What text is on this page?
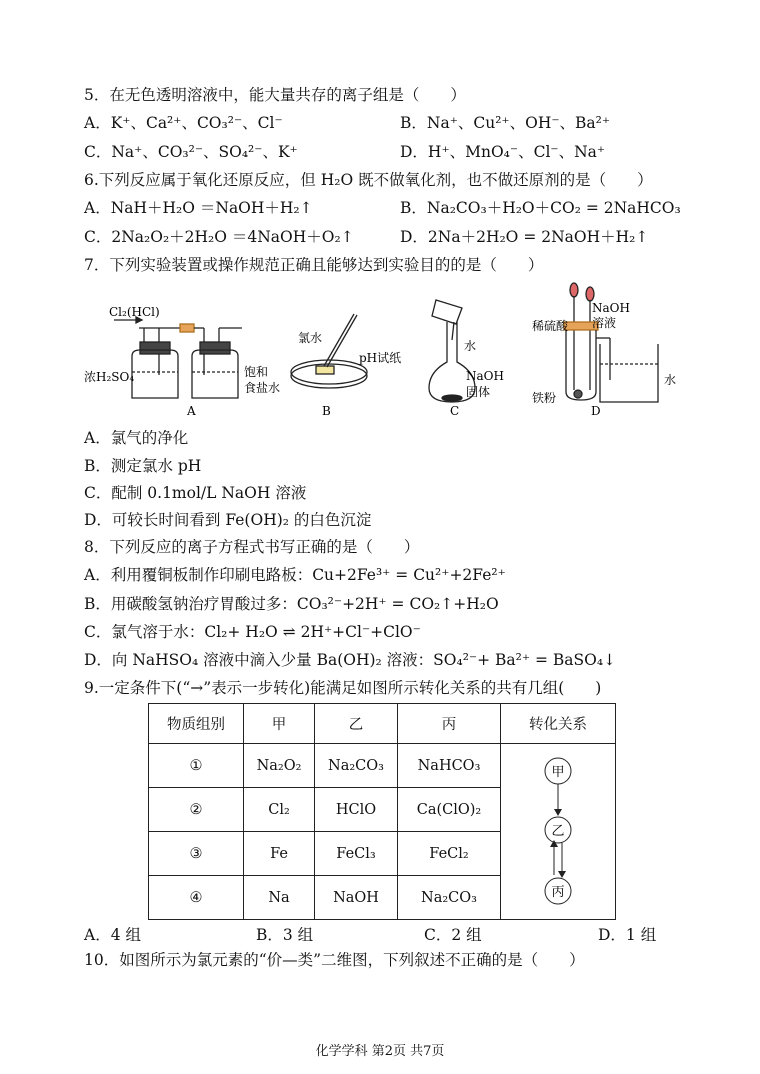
5．在无色透明溶液中，能大量共存的离子组是（　　）
A．K⁺、Ca²⁺、CO₃²⁻、Cl⁻	B．Na⁺、Cu²⁺、OH⁻、Ba²⁺
C．Na⁺、CO₃²⁻、SO₄²⁻、K⁺	D．H⁺、MnO₄⁻、Cl⁻、Na⁺
6.下列反应属于氧化还原反应，但 H₂O 既不做氧化剂，也不做还原剂的是（　　）
A．NaH＋H₂O ＝NaOH＋H₂↑	B．Na₂CO₃＋H₂O＋CO₂ = 2NaHCO₃
C．2Na₂O₂＋2H₂O ＝4NaOH＋O₂↑	D．2Na＋2H₂O = 2NaOH＋H₂↑
7．下列实验装置或操作规范正确且能够达到实验目的的是（　　）
Cl₂(HCl)
浓H₂SO₄	饱和
食盐水
A
氯水
pH试纸
B
水
NaOH
固体
C
NaOH
溶液
稀硫酸
水
铁粉
D
A．氯气的净化
B．测定氯水 pH
C．配制 0.1mol/L NaOH 溶液
D．可较长时间看到 Fe(OH)₂ 的白色沉淀
8．下列反应的离子方程式书写正确的是（　　）
A．利用覆铜板制作印刷电路板：Cu+2Fe³⁺ = Cu²⁺+2Fe²⁺
B．用碳酸氢钠治疗胃酸过多：CO₃²⁻+2H⁺ = CO₂↑+H₂O
C．氯气溶于水：Cl₂+ H₂O ⇌ 2H⁺+Cl⁻+ClO⁻
D．向 NaHSO₄ 溶液中滴入少量 Ba(OH)₂ 溶液：SO₄²⁻+ Ba²⁺ = BaSO₄↓
9.一定条件下(“→”表示一步转化)能满足如图所示转化关系的共有几组(　　)
物质组别	甲	乙	丙	转化关系
①	Na₂O₂	Na₂CO₃	NaHCO₃	甲
乙
丙

②	Cl₂	HClO	Ca(ClO)₂	
③	Fe	FeCl₃	FeCl₂	
④	Na	NaOH	Na₂CO₃	
A．4 组	B．3 组	C．2 组	D．1 组
10．如图所示为氯元素的“价—类”二维图，下列叙述不正确的是（　　）
化学学科 第2页 共7页
